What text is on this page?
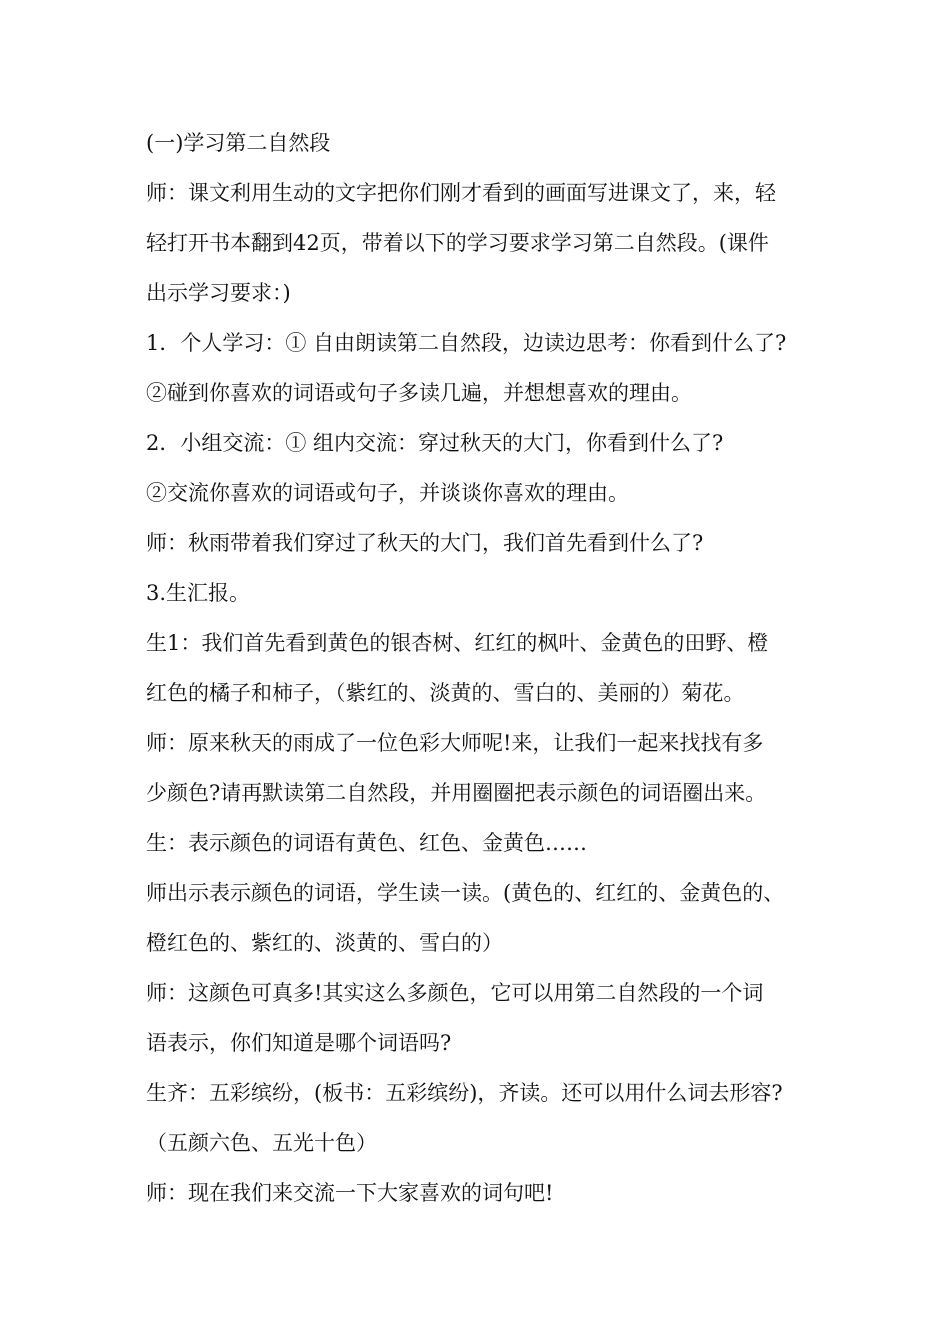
(一)学习第二自然段

师：课文利用生动的文字把你们刚才看到的画面写进课文了，来，轻

轻打开书本翻到42页，带着以下的学习要求学习第二自然段。(课件

出示学习要求：)

1．个人学习：① 自由朗读第二自然段，边读边思考：你看到什么了?

②碰到你喜欢的词语或句子多读几遍，并想想喜欢的理由。

2．小组交流：① 组内交流：穿过秋天的大门，你看到什么了?

②交流你喜欢的词语或句子，并谈谈你喜欢的理由。

师：秋雨带着我们穿过了秋天的大门，我们首先看到什么了?

3.生汇报。

生1：我们首先看到黄色的银杏树、红红的枫叶、金黄色的田野、橙

红色的橘子和柿子，（紫红的、淡黄的、雪白的、美丽的）菊花。

师：原来秋天的雨成了一位色彩大师呢!来，让我们一起来找找有多

少颜色?请再默读第二自然段，并用圈圈把表示颜色的词语圈出来。

生：表示颜色的词语有黄色、红色、金黄色……

师出示表示颜色的词语，学生读一读。(黄色的、红红的、金黄色的、

橙红色的、紫红的、淡黄的、雪白的）

师：这颜色可真多!其实这么多颜色，它可以用第二自然段的一个词

语表示，你们知道是哪个词语吗?

生齐：五彩缤纷，(板书：五彩缤纷)，齐读。还可以用什么词去形容?

（五颜六色、五光十色）

师：现在我们来交流一下大家喜欢的词句吧!
